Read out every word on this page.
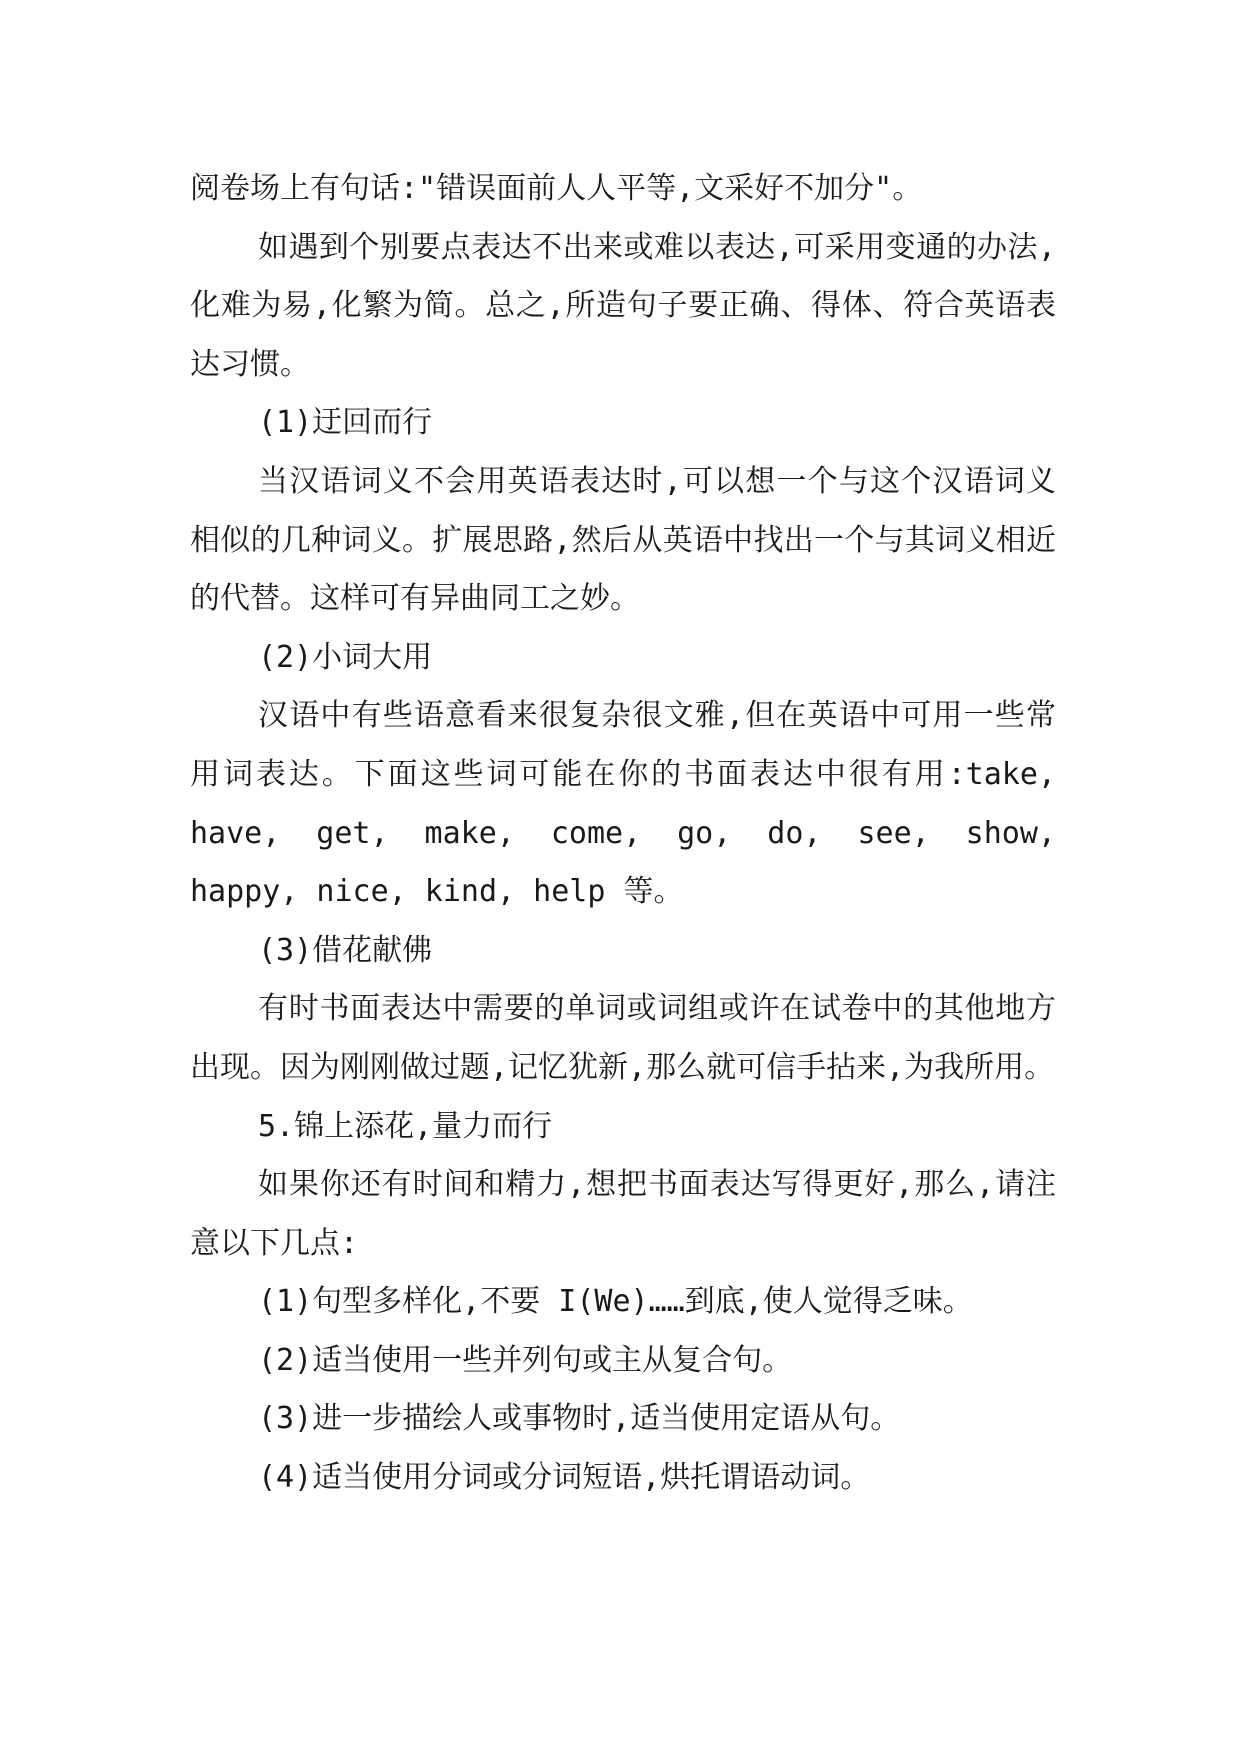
阅卷场上有句话:"错误面前人人平等,文采好不加分"。

如遇到个别要点表达不出来或难以表达,可采用变通的办法,化难为易,化繁为简。总之,所造句子要正确、得体、符合英语表达习惯。

(1)迂回而行

当汉语词义不会用英语表达时,可以想一个与这个汉语词义相似的几种词义。扩展思路,然后从英语中找出一个与其词义相近的代替。这样可有异曲同工之妙。

(2)小词大用

汉语中有些语意看来很复杂很文雅,但在英语中可用一些常用词表达。下面这些词可能在你的书面表达中很有用:take, have, get, make, come, go, do, see, show, happy, nice, kind, help 等。

(3)借花献佛

有时书面表达中需要的单词或词组或许在试卷中的其他地方出现。因为刚刚做过题,记忆犹新,那么就可信手拈来,为我所用。

5.锦上添花,量力而行

如果你还有时间和精力,想把书面表达写得更好,那么,请注意以下几点:

(1)句型多样化,不要 I(We)……到底,使人觉得乏味。

(2)适当使用一些并列句或主从复合句。

(3)进一步描绘人或事物时,适当使用定语从句。

(4)适当使用分词或分词短语,烘托谓语动词。
